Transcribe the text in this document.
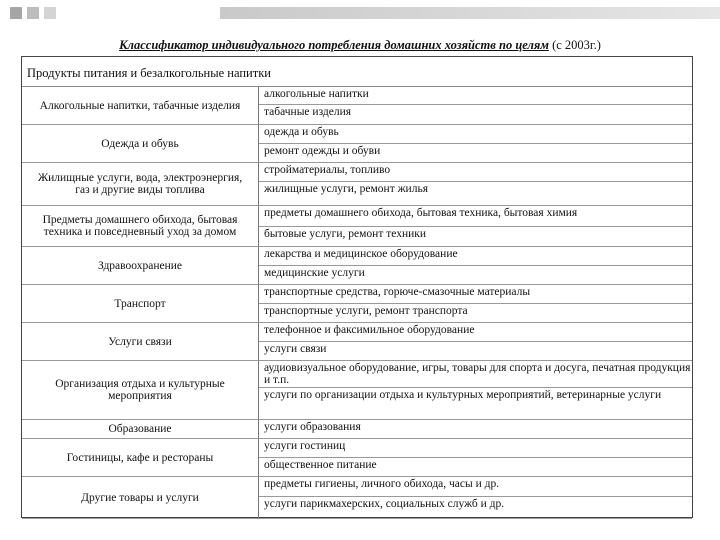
Классификатор индивидуального потребления домашних хозяйств по целям (с 2003г.)
Продукты питания и безалкогольные напитки
Алкогольные напитки, табачные изделия
алкогольные напитки
табачные изделия
Одежда и обувь
одежда и обувь
ремонт одежды и обуви
Жилищные услуги, вода, электроэнергия, газ и другие виды топлива
стройматериалы, топливо
жилищные услуги, ремонт жилья
Предметы домашнего обихода, бытовая техника и повседневный уход за домом
предметы домашнего обихода, бытовая техника, бытовая химия
бытовые услуги, ремонт техники
Здравоохранение
лекарства и медицинское оборудование
медицинские услуги
Транспорт
транспортные средства, горюче-смазочные материалы
транспортные услуги, ремонт транспорта
Услуги связи
телефонное и факсимильное оборудование
услуги связи
Организация отдыха и культурные мероприятия
аудиовизуальное оборудование, игры, товары для спорта и досуга, печатная продукция и т.п.
услуги по организации отдыха и культурных мероприятий, ветеринарные услуги
Образование	услуги образования
Гостиницы, кафе и рестораны
услуги гостиниц
общественное питание
Другие товары и услуги
предметы гигиены, личного обихода, часы и др.
услуги парикмахерских, социальных служб и др.
